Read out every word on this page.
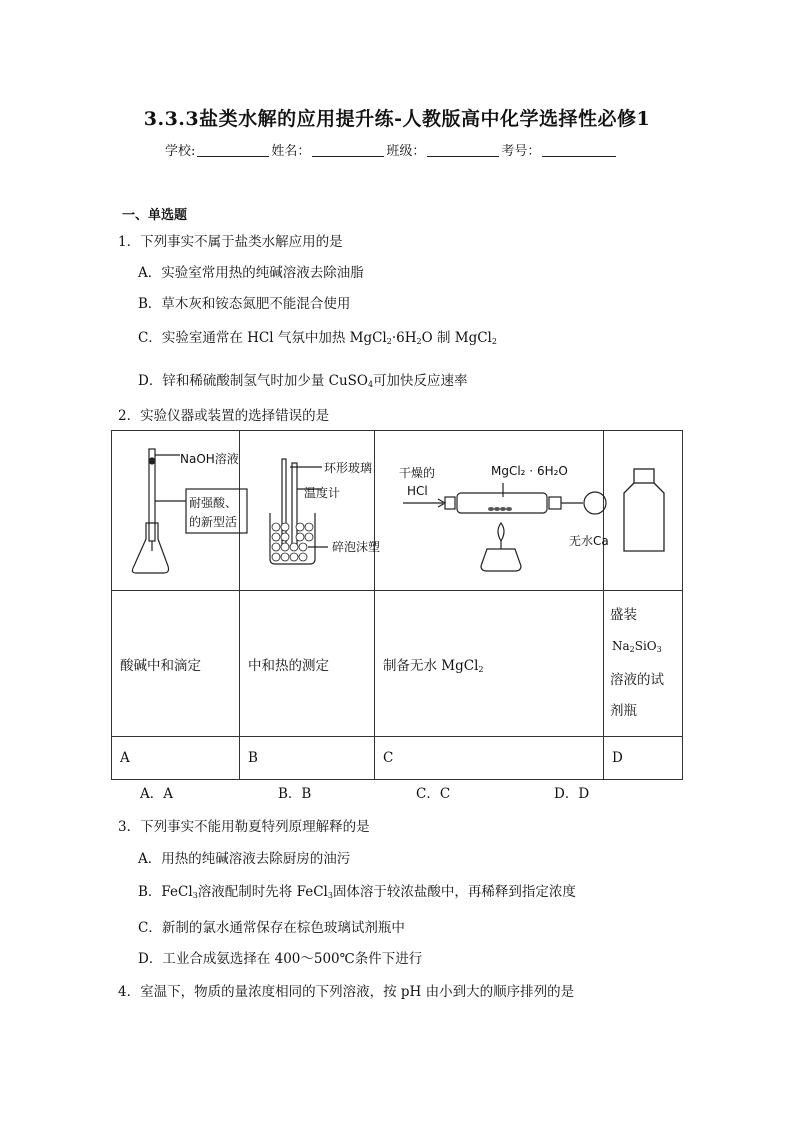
3.3.3盐类水解的应用提升练-人教版高中化学选择性必修1
学校:	姓名：	班级：	考号：
一、单选题
1．下列事实不属于盐类水解应用的是
A．实验室常用热的纯碱溶液去除油脂
B．草木灰和铵态氮肥不能混合使用
C．实验室通常在 HCl 气氛中加热 $MgCl_2\cdot 6H_2O$ 制 MgCl$_2$
D．锌和稀硫酸制氢气时加少量 CuSO$_4$可加快反应速率
2．实验仪器或装置的选择错误的是
NaOH溶液
耐强酸、
的新型活	环形玻璃
温度计
碎泡沫塑	干燥的
HCl
MgCl₂ · 6H₂O
无水Ca

酸碱中和滴定	中和热的测定	制备无水 MgCl$_2$	盛装
$Na_2SiO_3$
溶液的试
剂瓶

A	B	C	D
A．A	B．B	C．C	D．D
3．下列事实不能用勒夏特列原理解释的是
A．用热的纯碱溶液去除厨房的油污
B．FeCl$_3$溶液配制时先将 FeCl$_3$固体溶于较浓盐酸中，再稀释到指定浓度
C．新制的氯水通常保存在棕色玻璃试剂瓶中
D．工业合成氨选择在 400～500℃条件下进行
4．室温下，物质的量浓度相同的下列溶液，按 pH 由小到大的顺序排列的是
